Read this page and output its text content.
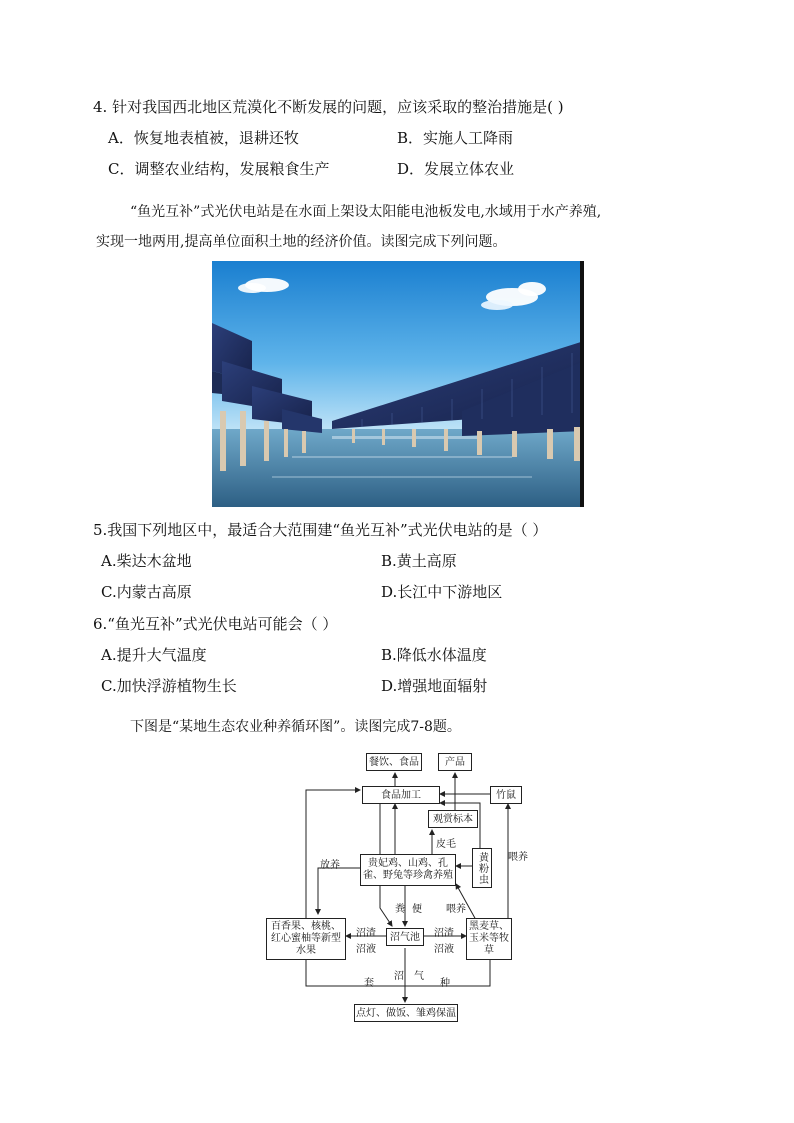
4. 针对我国西北地区荒漠化不断发展的问题，应该采取的整治措施是( )
A．恢复地表植被，退耕还牧	B．实施人工降雨
C．调整农业结构，发展粮食生产	D．发展立体农业
“鱼光互补”式光伏电站是在水面上架设太阳能电池板发电,水域用于水产养殖,
实现一地两用,提高单位面积土地的经济价值。读图完成下列问题。
5.我国下列地区中，最适合大范围建“鱼光互补”式光伏电站的是（ ）
A.柴达木盆地	B.黄土高原
C.内蒙古高原	D.长江中下游地区
6.“鱼光互补”式光伏电站可能会（ ）
A.提升大气温度	B.降低水体温度
C.加快浮游植物生长	D.增强地面辐射
下图是“某地生态农业种养循环图”。读图完成7-8题。
餐饮、食品	产品
食品加工	竹鼠
观赏标本
贵妃鸡、山鸡、孔雀、野兔等珍禽养殖	黄粉虫
百香果、核桃、红心蜜柚等新型水果
沼气池
黑麦草、玉米等牧草
点灯、做饭、雏鸡保温
皮毛
放养
喂养
喂养
粪 便
沼渣
沼液
沼渣
沼液
沼 气
套	种
